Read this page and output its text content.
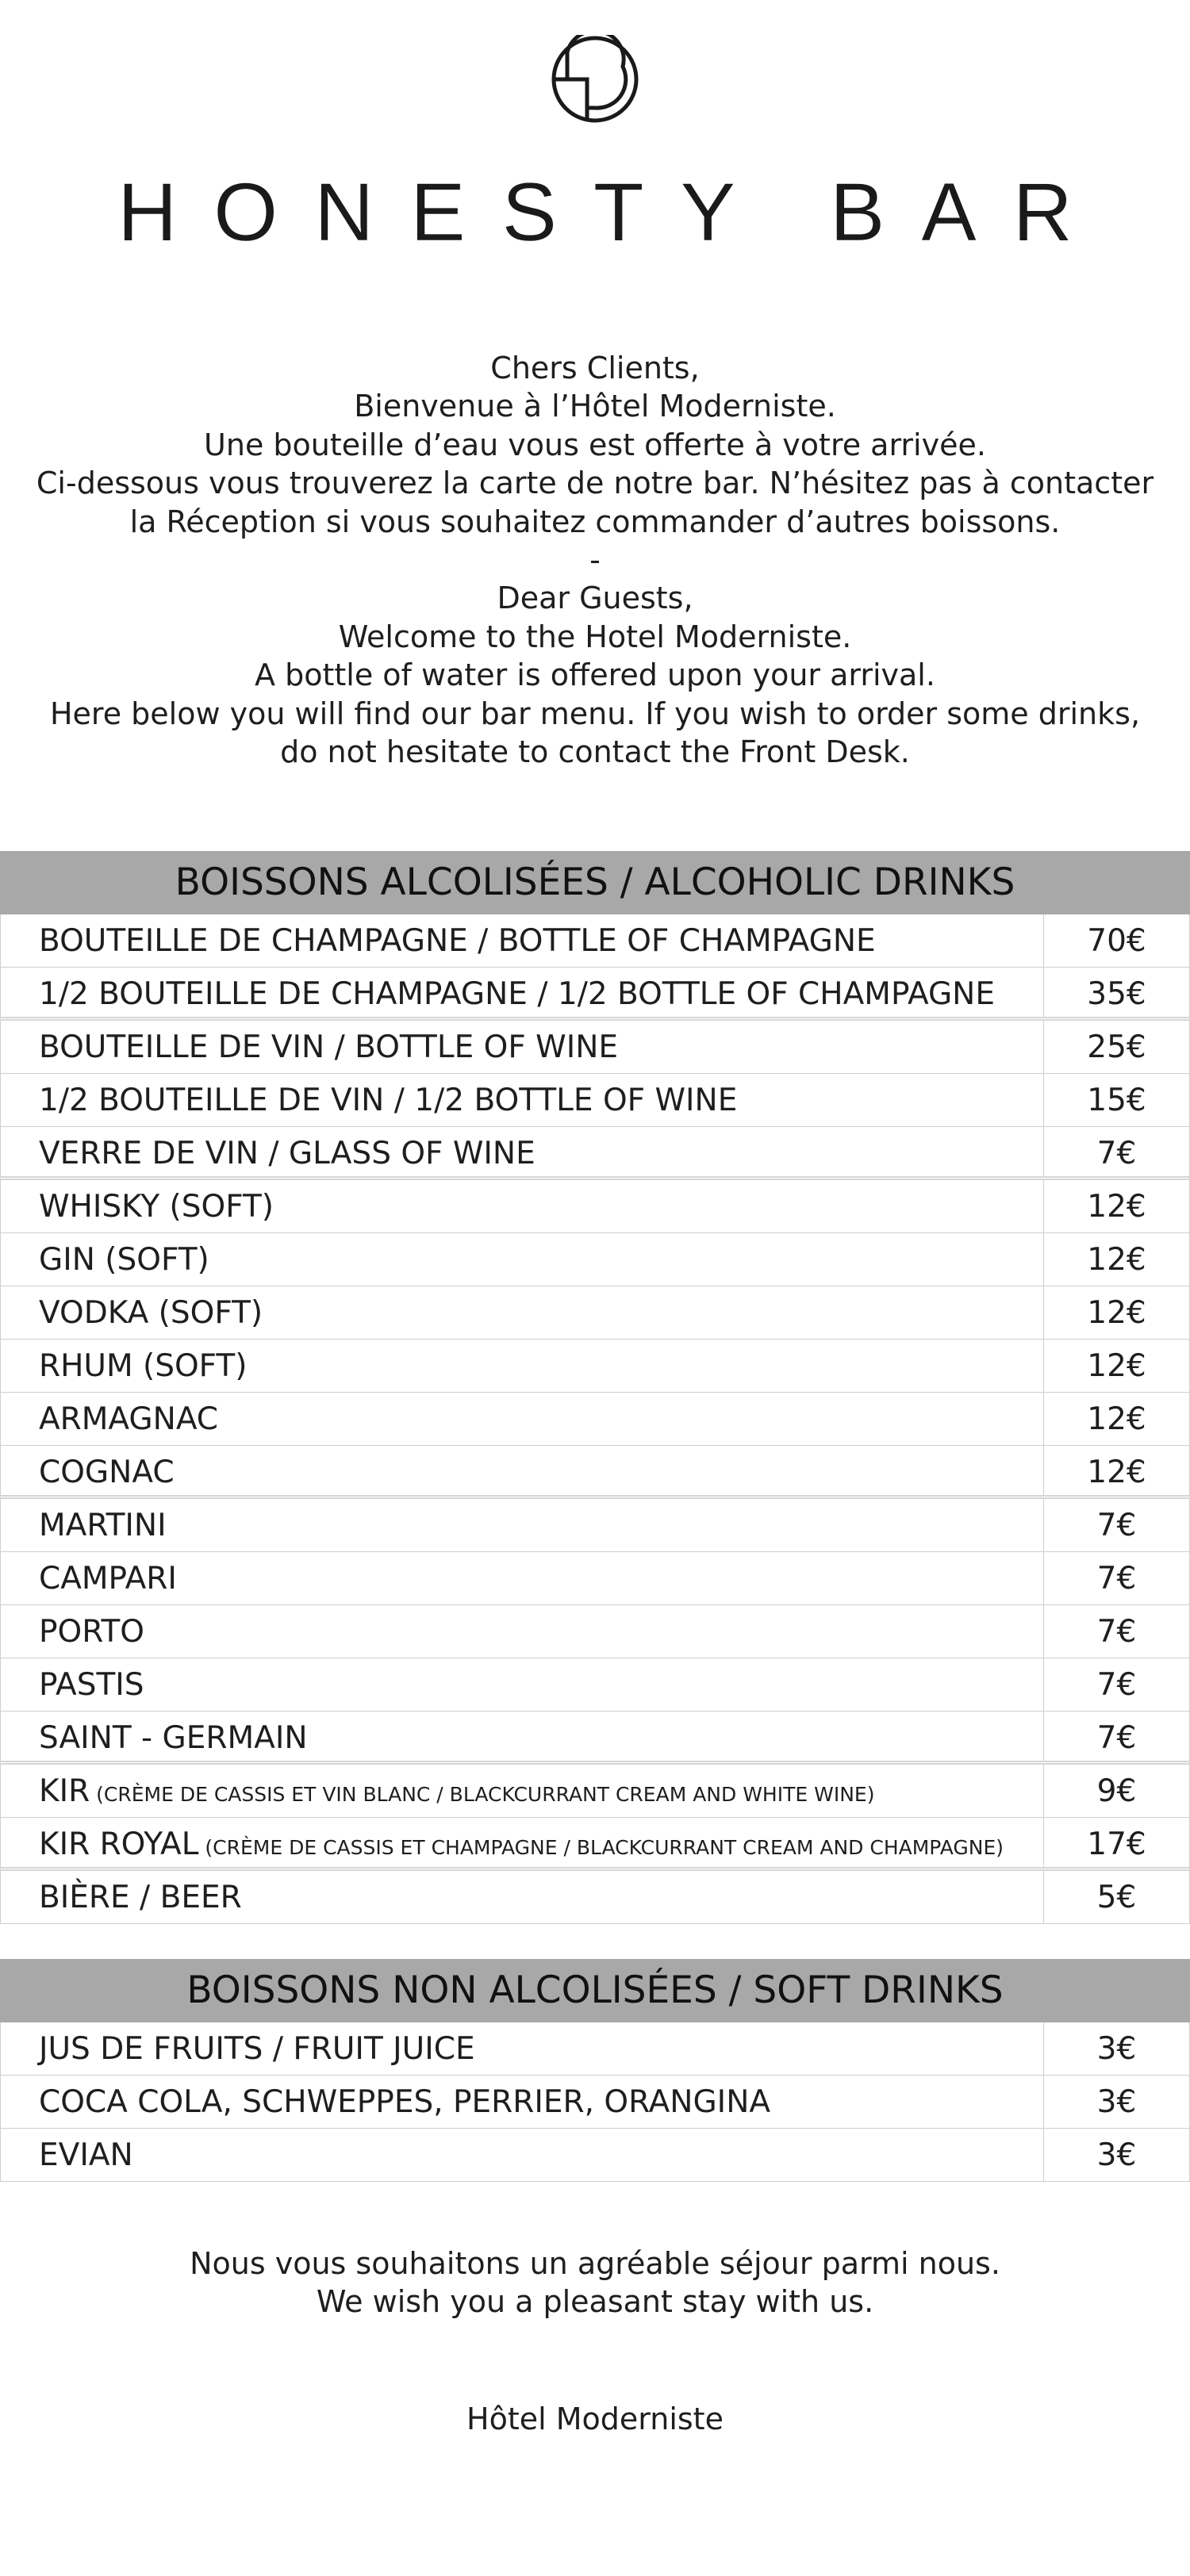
HONESTY BAR
Chers Clients,
Bienvenue à l’Hôtel Moderniste.
Une bouteille d’eau vous est offerte à votre arrivée.
Ci-dessous vous trouverez la carte de notre bar. N’hésitez pas à contacter
la Réception si vous souhaitez commander d’autres boissons.
-
Dear Guests,
Welcome to the Hotel Moderniste.
A bottle of water is offered upon your arrival.
Here below you will find our bar menu. If you wish to order some drinks,
do not hesitate to contact the Front Desk.
BOISSONS ALCOLISÉES / ALCOHOLIC DRINKS
BOUTEILLE DE CHAMPAGNE / BOTTLE OF CHAMPAGNE	70€
1/2 BOUTEILLE DE CHAMPAGNE / 1/2 BOTTLE OF CHAMPAGNE	35€
BOUTEILLE DE VIN / BOTTLE OF WINE	25€
1/2 BOUTEILLE DE VIN / 1/2 BOTTLE OF WINE	15€
VERRE DE VIN / GLASS OF WINE	7€
WHISKY (SOFT)	12€
GIN (SOFT)	12€
VODKA (SOFT)	12€
RHUM (SOFT)	12€
ARMAGNAC	12€
COGNAC	12€
MARTINI	7€
CAMPARI	7€
PORTO	7€
PASTIS	7€
SAINT - GERMAIN	7€
KIR (CRÈME DE CASSIS ET VIN BLANC / BLACKCURRANT CREAM AND WHITE WINE)	9€
KIR ROYAL (CRÈME DE CASSIS ET CHAMPAGNE / BLACKCURRANT CREAM AND CHAMPAGNE)	17€
BIÈRE / BEER	5€
BOISSONS NON ALCOLISÉES / SOFT DRINKS
JUS DE FRUITS / FRUIT JUICE	3€
COCA COLA, SCHWEPPES, PERRIER, ORANGINA	3€
EVIAN	3€
Nous vous souhaitons un agréable séjour parmi nous.
We wish you a pleasant stay with us.
Hôtel Moderniste
